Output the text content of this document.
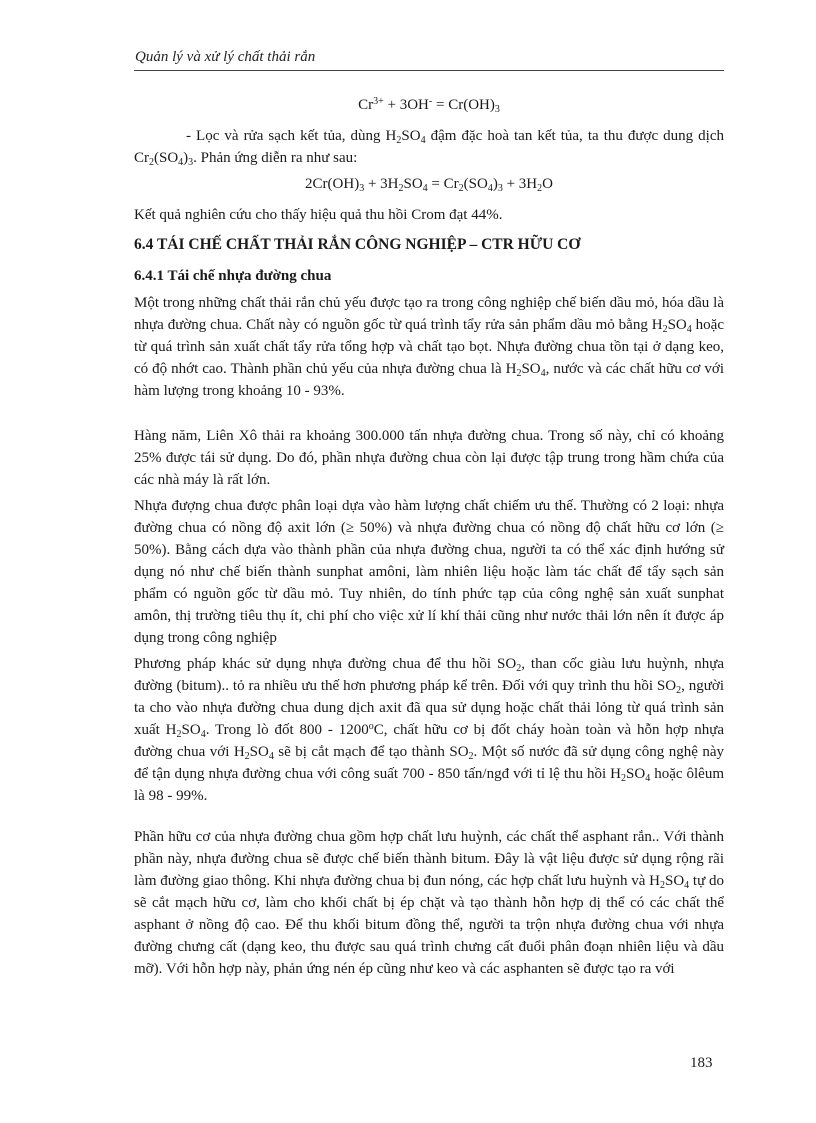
Quản lý và xử lý chất thải rắn
$Cr^{3+} + 3OH^- = Cr(OH)_3$

- Lọc và rửa sạch kết tủa, dùng $H_2SO_4$ đậm đặc hoà tan kết tủa, ta thu được dung dịch $Cr_2(SO_4)_3$. Phản ứng diễn ra như sau:

$2Cr(OH)_3 + 3H_2SO_4 = Cr_2(SO_4)_3 + 3H_2O$

Kết quả nghiên cứu cho thấy hiệu quả thu hồi Crom đạt 44%.

6.4 TÁI CHẾ CHẤT THẢI RẮN CÔNG NGHIỆP – CTR HỮU CƠ
6.4.1 Tái chế nhựa đường chua

Một trong những chất thải rắn chủ yếu được tạo ra trong công nghiệp chế biến dầu mỏ, hóa dầu là nhựa đường chua. Chất này có nguồn gốc từ quá trình tẩy rửa sản phẩm dầu mỏ bằng $H_2SO_4$ hoặc từ quá trình sản xuất chất tẩy rửa tổng hợp và chất tạo bọt. Nhựa đường chua tồn tại ở dạng keo, có độ nhớt cao. Thành phần chủ yếu của nhựa đường chua là $H_2SO_4$, nước và các chất hữu cơ với hàm lượng trong khoảng 10 - 93%.

Hàng năm, Liên Xô thải ra khoảng 300.000 tấn nhựa đường chua. Trong số này, chỉ có khoảng 25% được tái sử dụng. Do đó, phần nhựa đường chua còn lại được tập trung trong hầm chứa của các nhà máy là rất lớn.

Nhựa đượng chua được phân loại dựa vào hàm lượng chất chiếm ưu thế. Thường có 2 loại: nhựa đường chua có nồng độ axit lớn (≥ 50%) và nhựa đường chua có nồng độ chất hữu cơ lớn (≥ 50%). Bằng cách dựa vào thành phần của nhựa đường chua, người ta có thể xác định hướng sử dụng nó như chế biến thành sunphat amôni, làm nhiên liệu hoặc làm tác chất để tẩy sạch sản phẩm có nguồn gốc từ dầu mỏ. Tuy nhiên, do tính phức tạp của công nghệ sản xuất sunphat amôn, thị trường tiêu thụ ít, chi phí cho việc xử lí khí thải cũng như nước thải lớn nên ít được áp dụng trong công nghiệp

Phương pháp khác sử dụng nhựa đường chua để thu hồi $SO_2$, than cốc giàu lưu huỳnh, nhựa đường (bitum).. tỏ ra nhiều ưu thế hơn phương pháp kể trên. Đối với quy trình thu hồi $SO_2$, người ta cho vào nhựa đường chua dung dịch axit đã qua sử dụng hoặc chất thải lỏng từ quá trình sản xuất $H_2SO_4$. Trong lò đốt 800 - 1200$^o$C, chất hữu cơ bị đốt cháy hoàn toàn và hỗn hợp nhựa đường chua với $H_2SO_4$ sẽ bị cắt mạch để tạo thành $SO_2$. Một số nước đã sử dụng công nghệ này để tận dụng nhựa đường chua với công suất 700 - 850 tấn/ngđ với tỉ lệ thu hồi $H_2SO_4$ hoặc ôlêum là 98 - 99%.

Phần hữu cơ của nhựa đường chua gồm hợp chất lưu huỳnh, các chất thể asphant rắn.. Với thành phần này, nhựa đường chua sẽ được chế biến thành bitum. Đây là vật liệu được sử dụng rộng rãi làm đường giao thông. Khi nhựa đường chua bị đun nóng, các hợp chất lưu huỳnh và $H_2SO_4$ tự do sẽ cắt mạch hữu cơ, làm cho khối chất bị ép chặt và tạo thành hỗn hợp dị thể có các chất thể asphant ở nồng độ cao. Để thu khối bitum đồng thể, người ta trộn nhựa đường chua với nhựa đường chưng cất (dạng keo, thu được sau quá trình chưng cất đuổi phân đoạn nhiên liệu và dầu mỡ). Với hỗn hợp này, phản ứng nén ép cũng như keo và các asphanten sẽ được tạo ra với

183
